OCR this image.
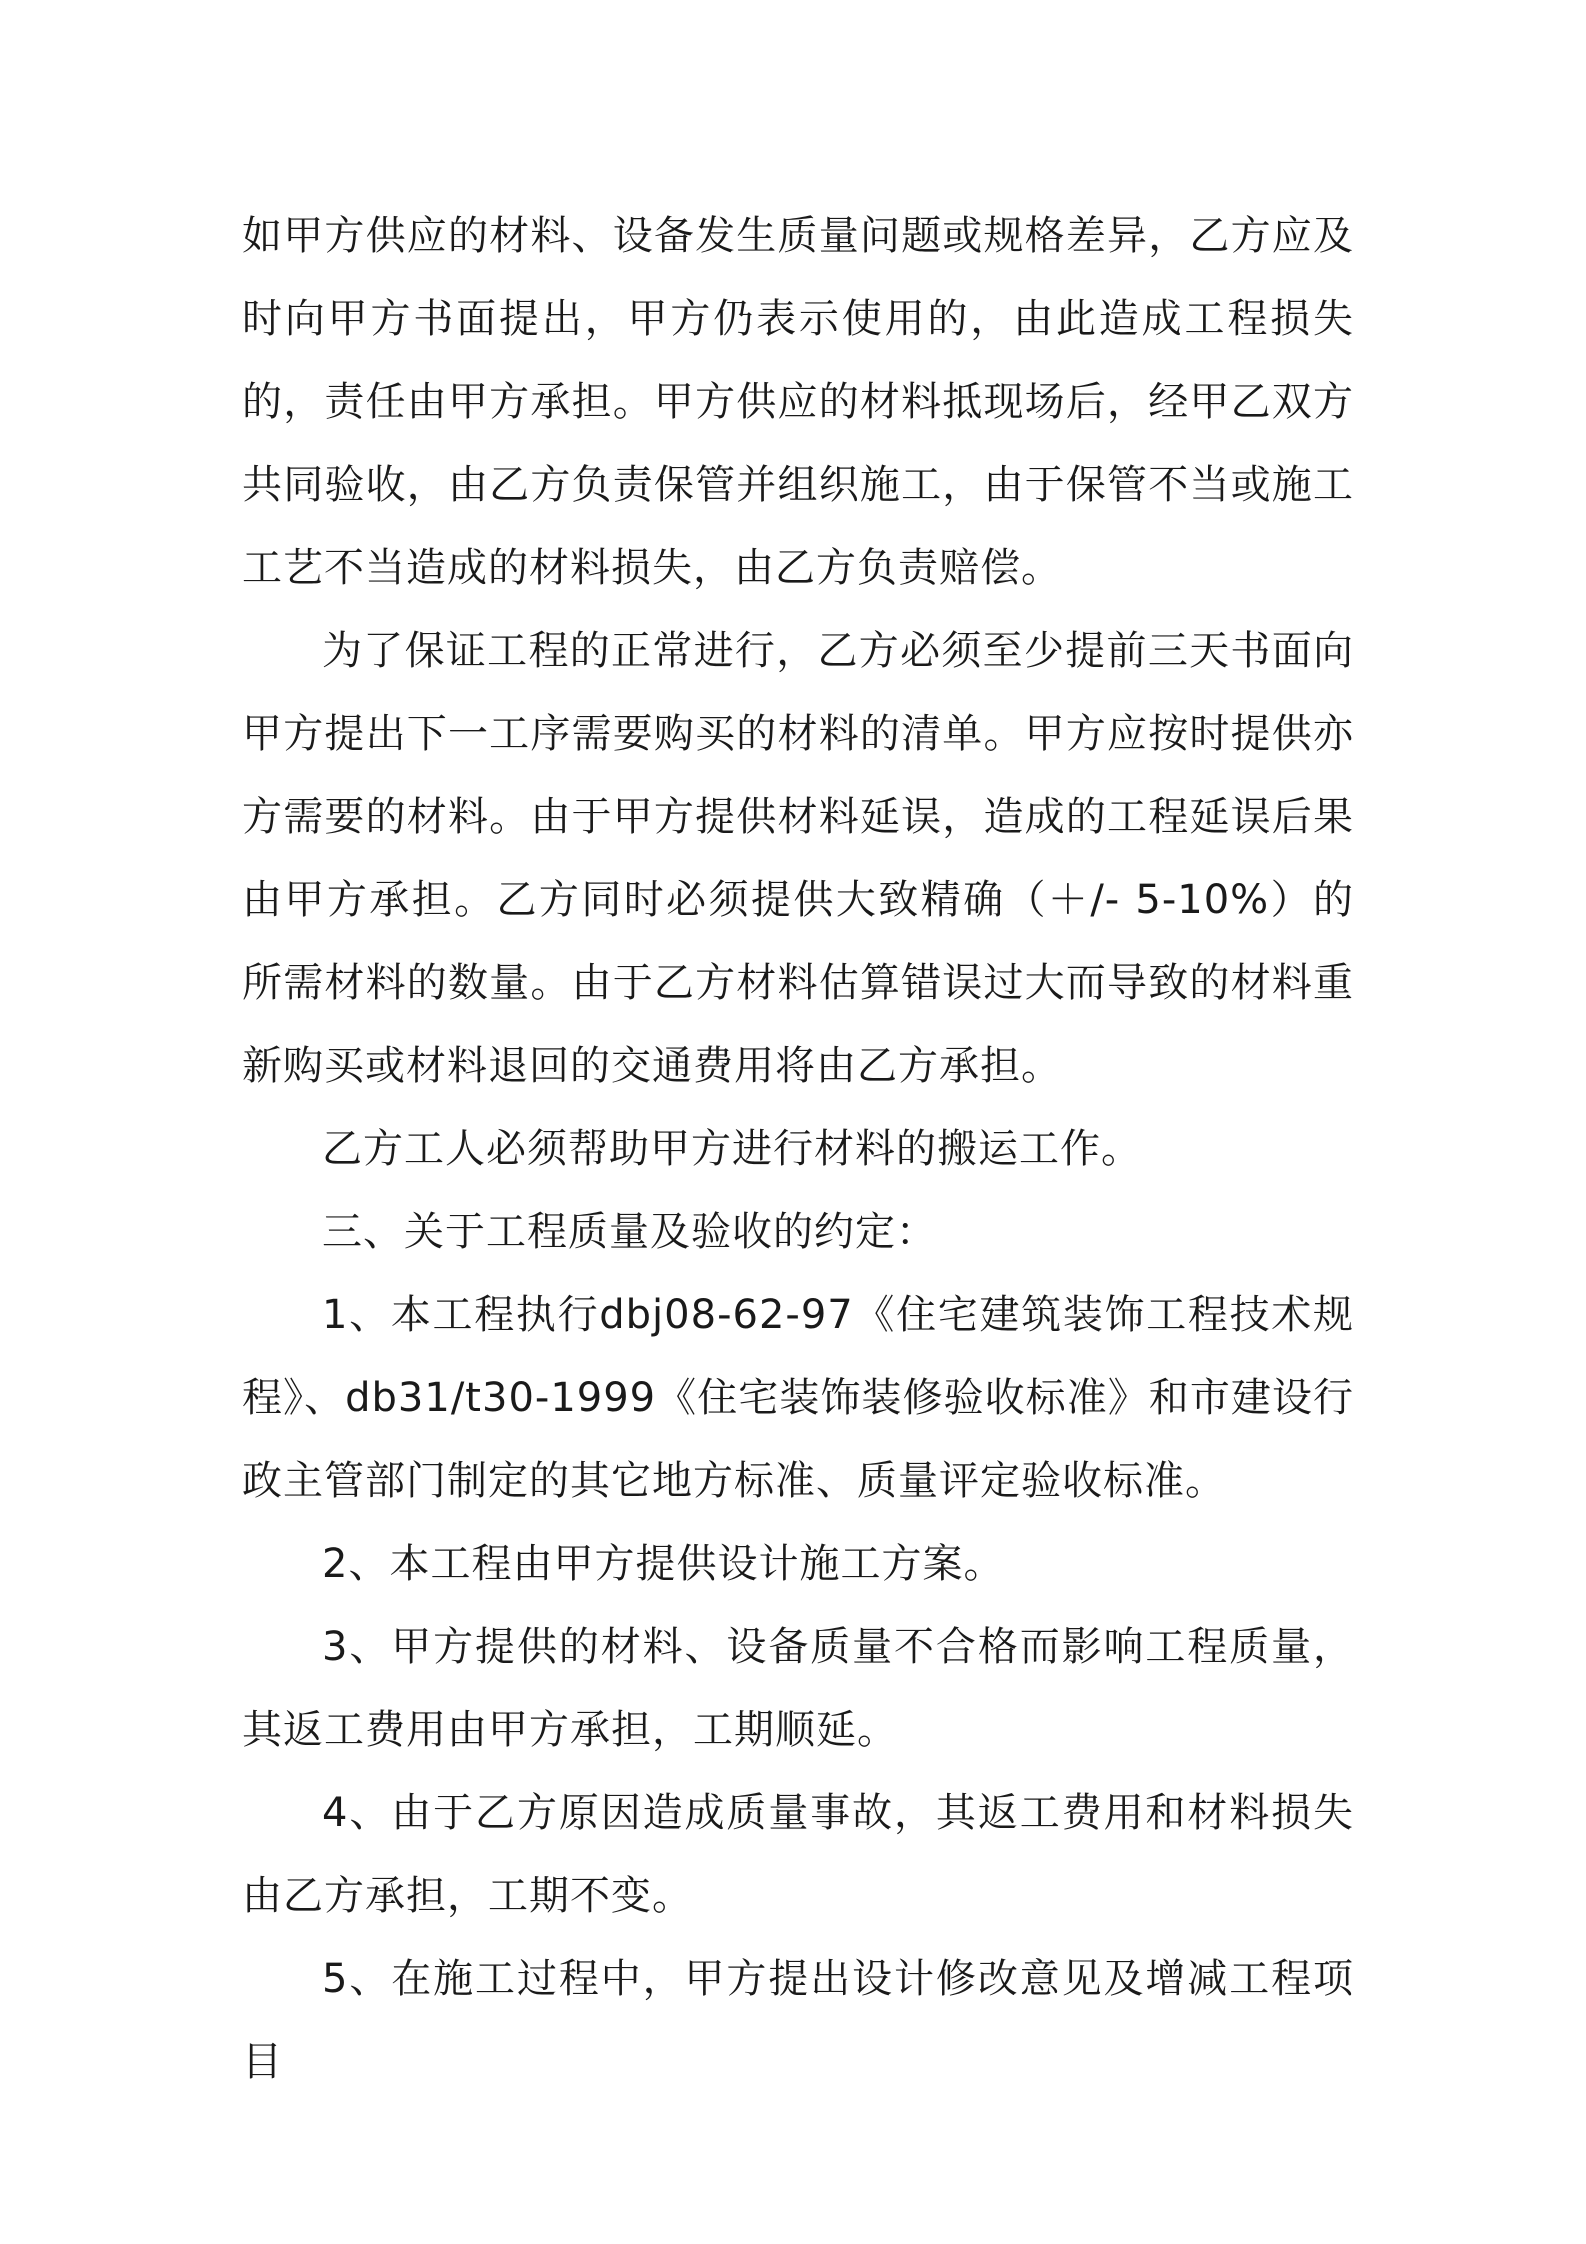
如甲方供应的材料、设备发生质量问题或规格差异，乙方应及时向甲方书面提出，甲方仍表示使用的，由此造成工程损失的，责任由甲方承担。甲方供应的材料抵现场后，经甲乙双方共同验收，由乙方负责保管并组织施工，由于保管不当或施工工艺不当造成的材料损失，由乙方负责赔偿。

为了保证工程的正常进行，乙方必须至少提前三天书面向甲方提出下一工序需要购买的材料的清单。甲方应按时提供亦方需要的材料。由于甲方提供材料延误，造成的工程延误后果由甲方承担。乙方同时必须提供大致精确（＋/- 5-10%）的所需材料的数量。由于乙方材料估算错误过大而导致的材料重新购买或材料退回的交通费用将由乙方承担。

乙方工人必须帮助甲方进行材料的搬运工作。

三、关于工程质量及验收的约定：

1、本工程执行dbj08-62-97《住宅建筑装饰工程技术规程》、db31/t30-1999《住宅装饰装修验收标准》和市建设行政主管部门制定的其它地方标准、质量评定验收标准。

2、本工程由甲方提供设计施工方案。

3、甲方提供的材料、设备质量不合格而影响工程质量，其返工费用由甲方承担，工期顺延。

4、由于乙方原因造成质量事故，其返工费用和材料损失由乙方承担，工期不变。

5、在施工过程中，甲方提出设计修改意见及增减工程项目
